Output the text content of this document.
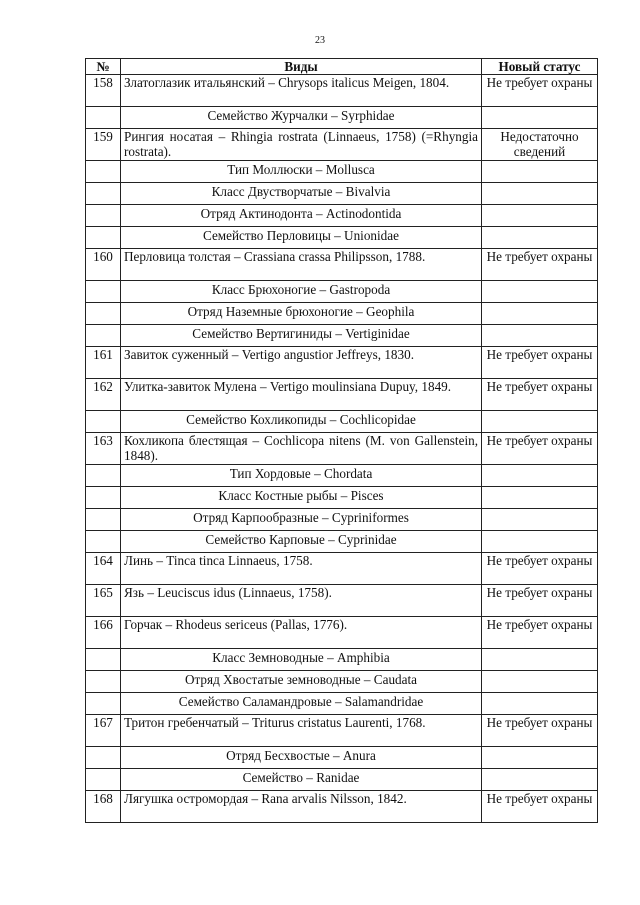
23
№	Виды	Новый статус
158	Златоглазик итальянский – Chrysops italicus Meigen, 1804.	Не требует охраны
	Семейство Журчалки – Syrphidae	
159	Рингия носатая – Rhingia rostrata (Linnaeus, 1758) (=Rhyngia rostrata).	Недостаточно сведений
	Тип Моллюски – Mollusca	
	Класс Двустворчатые – Bivalvia	
	Отряд Актинодонта – Actinodontida	
	Семейство Перловицы – Unionidae	
160	Перловица толстая – Crassiana crassa Philipsson, 1788.	Не требует охраны
	Класс Брюхоногие – Gastropoda	
	Отряд Наземные брюхоногие – Geophila	
	Семейство Вертигиниды – Vertiginidae	
161	Завиток суженный – Vertigo angustior Jeffreys, 1830.	Не требует охраны
162	Улитка-завиток Мулена – Vertigo moulinsiana Dupuy, 1849.	Не требует охраны
	Семейство Кохликопиды – Cochlicopidae	
163	Кохликопа блестящая – Cochlicopa nitens (M. von Gallenstein, 1848).	Не требует охраны
	Тип Хордовые – Chordata	
	Класс Костные рыбы – Pisces	
	Отряд Карпообразные – Cypriniformes	
	Семейство Карповые – Cyprinidae	
164	Линь – Tinca tinca Linnaeus, 1758.	Не требует охраны
165	Язь – Leuciscus idus (Linnaeus, 1758).	Не требует охраны
166	Горчак – Rhodeus sericeus (Pallas, 1776).	Не требует охраны
	Класс Земноводные – Amphibia	
	Отряд Хвостатые земноводные – Caudata	
	Семейство Саламандровые – Salamandridae	
167	Тритон гребенчатый – Triturus cristatus Laurenti, 1768.	Не требует охраны
	Отряд Бесхвостые – Anura	
	Семейство – Ranidae	
168	Лягушка остромордая – Rana arvalis Nilsson, 1842.	Не требует охраны
